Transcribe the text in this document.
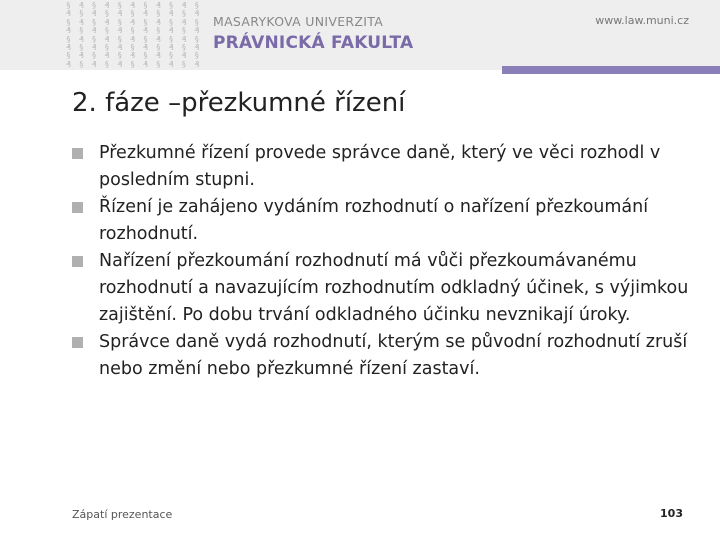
§ ₰ § ₰ § ₰ § ₰ § ₰ §
₰ § ₰ § ₰ § ₰ § ₰ § ₰
§ ₰ § ₰ § ₰ § ₰ § ₰ §
₰ § ₰ § ₰ § ₰ § ₰ § ₰
§ ₰ § ₰ § ₰ § ₰ § ₰ §
₰ § ₰ § ₰ § ₰ § ₰ § ₰
§ ₰ § ₰ § ₰ § ₰ § ₰ §
₰ § ₰ § ₰ § ₰ § ₰ § ₰
MASARYKOVA UNIVERZITA
PRÁVNICKÁ FAKULTA
www.law.muni.cz
2. fáze –přezkumné řízení
Přezkumné řízení provede správce daně, který ve věci rozhodl v posledním stupni.
Řízení je zahájeno vydáním rozhodnutí o nařízení přezkoumání rozhodnutí.
Nařízení přezkoumání rozhodnutí má vůči přezkoumávanému rozhodnutí a navazujícím rozhodnutím odkladný účinek, s výjimkou zajištění. Po dobu trvání odkladného účinku nevznikají úroky.
Správce daně vydá rozhodnutí, kterým se původní rozhodnutí zruší nebo změní nebo přezkumné řízení zastaví.
Zápatí prezentace	103
